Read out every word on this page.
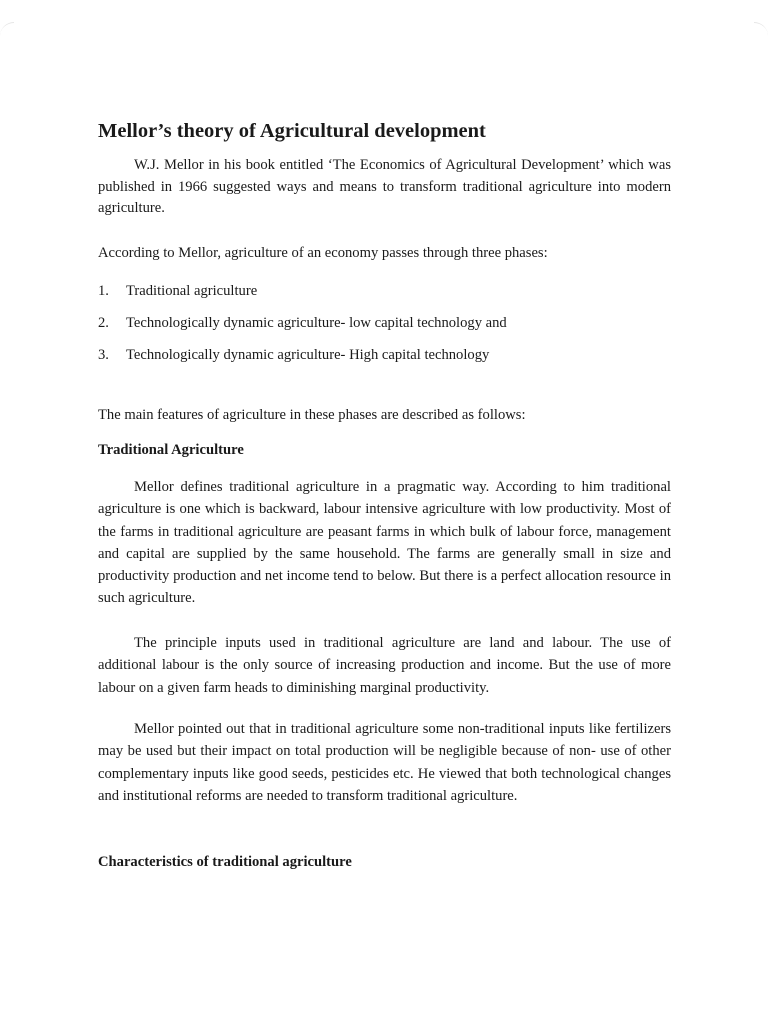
Mellor’s theory of Agricultural development

W.J. Mellor in his book entitled ‘The Economics of Agricultural Development’ which was published in 1966 suggested ways and means to transform traditional agriculture into modern agriculture.

According to Mellor, agriculture of an economy passes through three phases:

1. Traditional agriculture
2. Technologically dynamic agriculture- low capital technology and
3. Technologically dynamic agriculture- High capital technology

The main features of agriculture in these phases are described as follows:

Traditional Agriculture

Mellor defines traditional agriculture in a pragmatic way. According to him traditional agriculture is one which is backward, labour intensive agriculture with low productivity. Most of the farms in traditional agriculture are peasant farms in which bulk of labour force, management and capital are supplied by the same household. The farms are generally small in size and productivity production and net income tend to below. But there is a perfect allocation resource in such agriculture.

The principle inputs used in traditional agriculture are land and labour. The use of additional labour is the only source of increasing production and income. But the use of more labour on a given farm heads to diminishing marginal productivity.

Mellor pointed out that in traditional agriculture some non-traditional inputs like fertilizers may be used but their impact on total production will be negligible because of non- use of other complementary inputs like good seeds, pesticides etc. He viewed that both technological changes and institutional reforms are needed to transform traditional agriculture.

Characteristics of traditional agriculture
